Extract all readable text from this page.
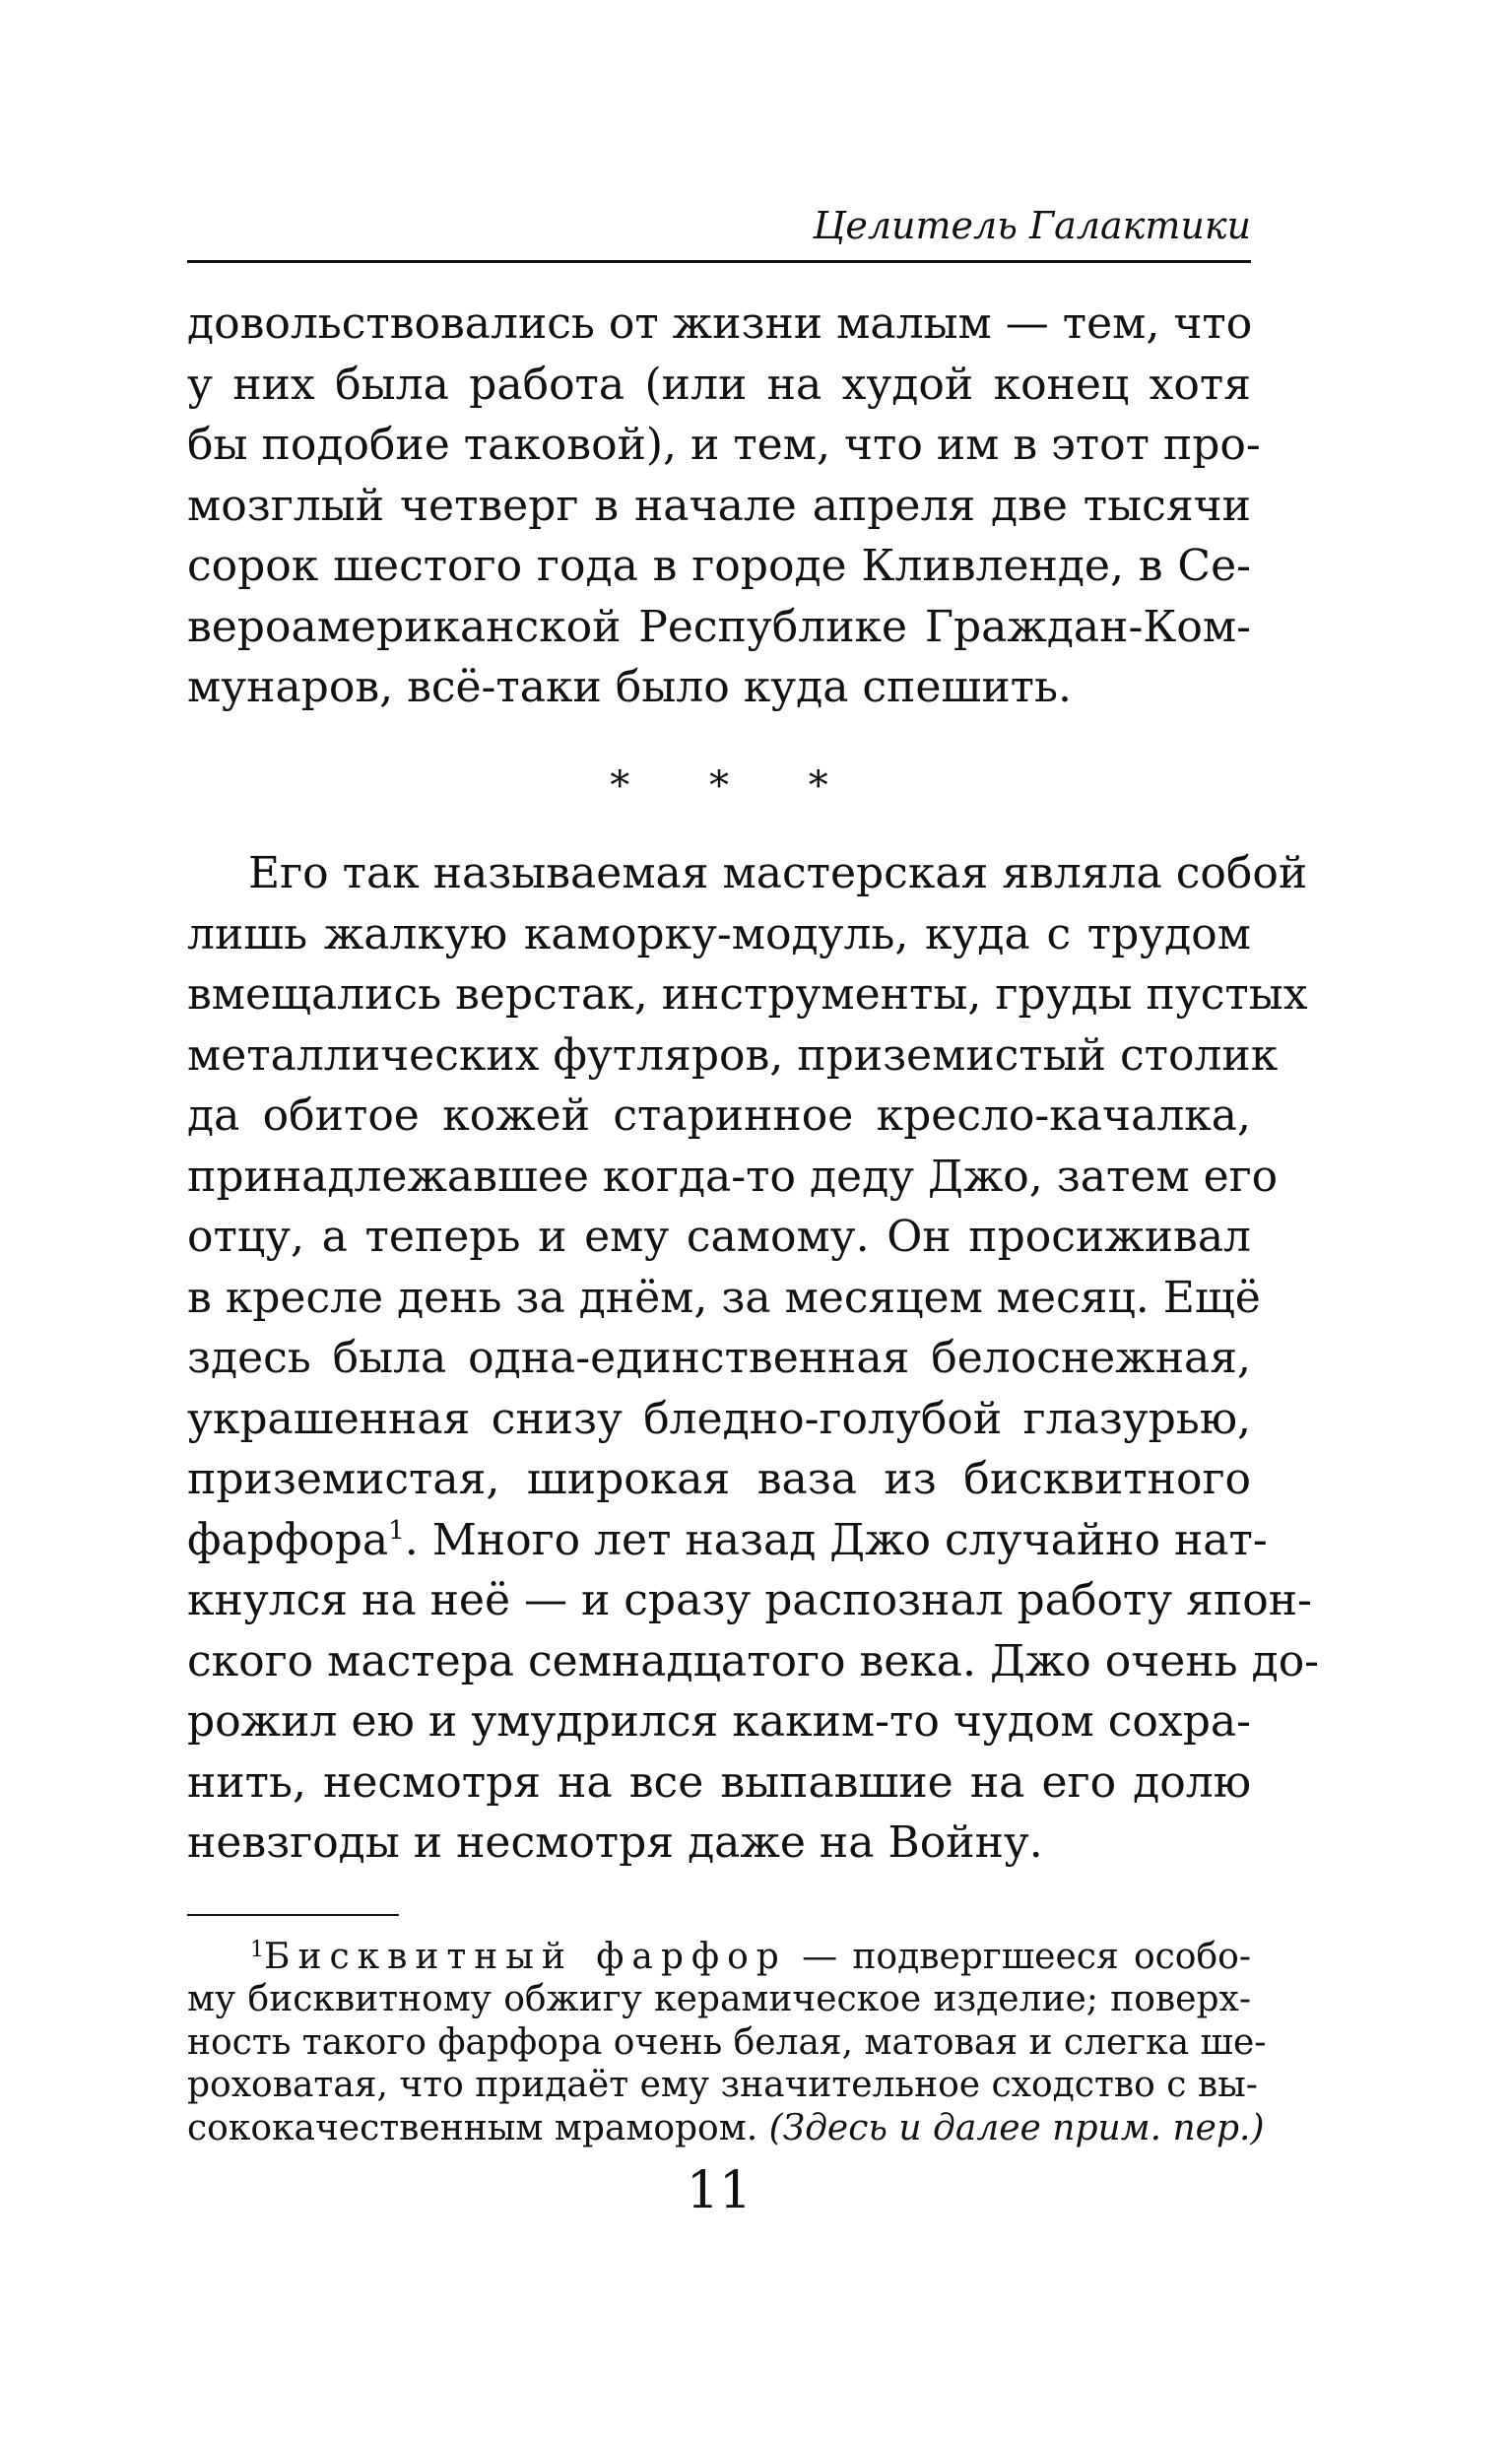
Целитель Галактики
довольствовались от жизни малым — тем, что
у них была работа (или на худой конец хотя
бы подобие таковой), и тем, что им в этот про-
мозглый четверг в начале апреля две тысячи
сорок шестого года в городе Кливленде, в Се-
вероамериканской Республике Граждан-Ком-
мунаров, всё-таки было куда спешить.
* * *
Его так называемая мастерская являла собой
лишь жалкую каморку-модуль, куда с трудом
вмещались верстак, инструменты, груды пустых
металлических футляров, приземистый столик
да обитое кожей старинное кресло-качалка,
принадлежавшее когда-то деду Джо, затем его
отцу, а теперь и ему самому. Он просиживал
в кресле день за днём, за месяцем месяц. Ещё
здесь была одна-единственная белоснежная,
украшенная снизу бледно-голубой глазурью,
приземистая, широкая ваза из бисквитного
фарфора$^1$. Много лет назад Джо случайно нат-
кнулся на неё — и сразу распознал работу япон-
ского мастера семнадцатого века. Джо очень до-
рожил ею и умудрился каким-то чудом сохра-
нить, несмотря на все выпавшие на его долю
невзгоды и несмотря даже на Войну.
$^1$Бисквитный фарфор — подвергшееся особо-
му бисквитному обжигу керамическое изделие; поверх-
ность такого фарфора очень белая, матовая и слегка ше-
роховатая, что придаёт ему значительное сходство с вы-
сококачественным мрамором. (Здесь и далее прим. пер.)
11
